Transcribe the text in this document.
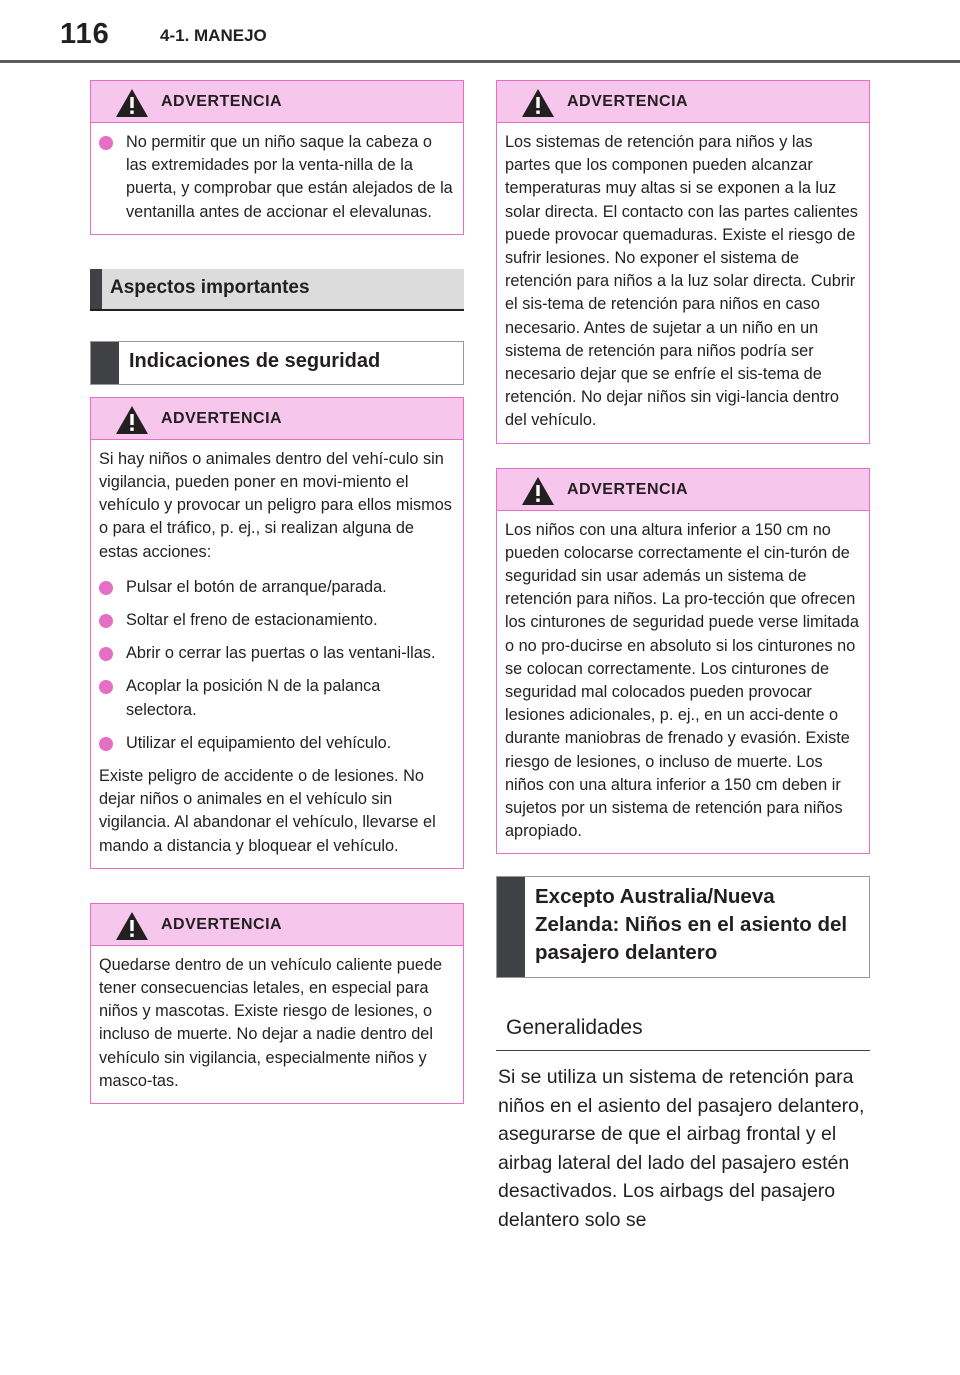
116	4-1. MANEJO
ADVERTENCIA

No permitir que un niño saque la cabeza o las extremidades por la venta-nilla de la puerta, y comprobar que están alejados de la ventanilla antes de accionar el elevalunas.

Aspectos importantes
Indicaciones de seguridad
ADVERTENCIA

Si hay niños o animales dentro del vehí-culo sin vigilancia, pueden poner en movi-miento el vehículo y provocar un peligro para ellos mismos o para el tráfico, p. ej., si realizan alguna de estas acciones:

Pulsar el botón de arranque/parada.

Soltar el freno de estacionamiento.

Abrir o cerrar las puertas o las ventani-llas.

Acoplar la posición N de la palanca selectora.

Utilizar el equipamiento del vehículo.

Existe peligro de accidente o de lesiones. No dejar niños o animales en el vehículo sin vigilancia. Al abandonar el vehículo, llevarse el mando a distancia y bloquear el vehículo.

ADVERTENCIA

Quedarse dentro de un vehículo caliente puede tener consecuencias letales, en especial para niños y mascotas. Existe riesgo de lesiones, o incluso de muerte. No dejar a nadie dentro del vehículo sin vigilancia, especialmente niños y masco-tas.

ADVERTENCIA

Los sistemas de retención para niños y las partes que los componen pueden alcanzar temperaturas muy altas si se exponen a la luz solar directa. El contacto con las partes calientes puede provocar quemaduras. Existe el riesgo de sufrir lesiones. No exponer el sistema de retención para niños a la luz solar directa. Cubrir el sis-tema de retención para niños en caso necesario. Antes de sujetar a un niño en un sistema de retención para niños podría ser necesario dejar que se enfríe el sis-tema de retención. No dejar niños sin vigi-lancia dentro del vehículo.

ADVERTENCIA

Los niños con una altura inferior a 150 cm no pueden colocarse correctamente el cin-turón de seguridad sin usar además un sistema de retención para niños. La pro-tección que ofrecen los cinturones de seguridad puede verse limitada o no pro-ducirse en absoluto si los cinturones no se colocan correctamente. Los cinturones de seguridad mal colocados pueden provocar lesiones adicionales, p. ej., en un acci-dente o durante maniobras de frenado y evasión. Existe riesgo de lesiones, o incluso de muerte. Los niños con una altura inferior a 150 cm deben ir sujetos por un sistema de retención para niños apropiado.

Excepto Australia/Nueva Zelanda: Niños en el asiento del pasajero delantero
Generalidades

Si se utiliza un sistema de retención para niños en el asiento del pasajero delantero, asegurarse de que el airbag frontal y el airbag lateral del lado del pasajero estén desactivados. Los airbags del pasajero delantero solo se
